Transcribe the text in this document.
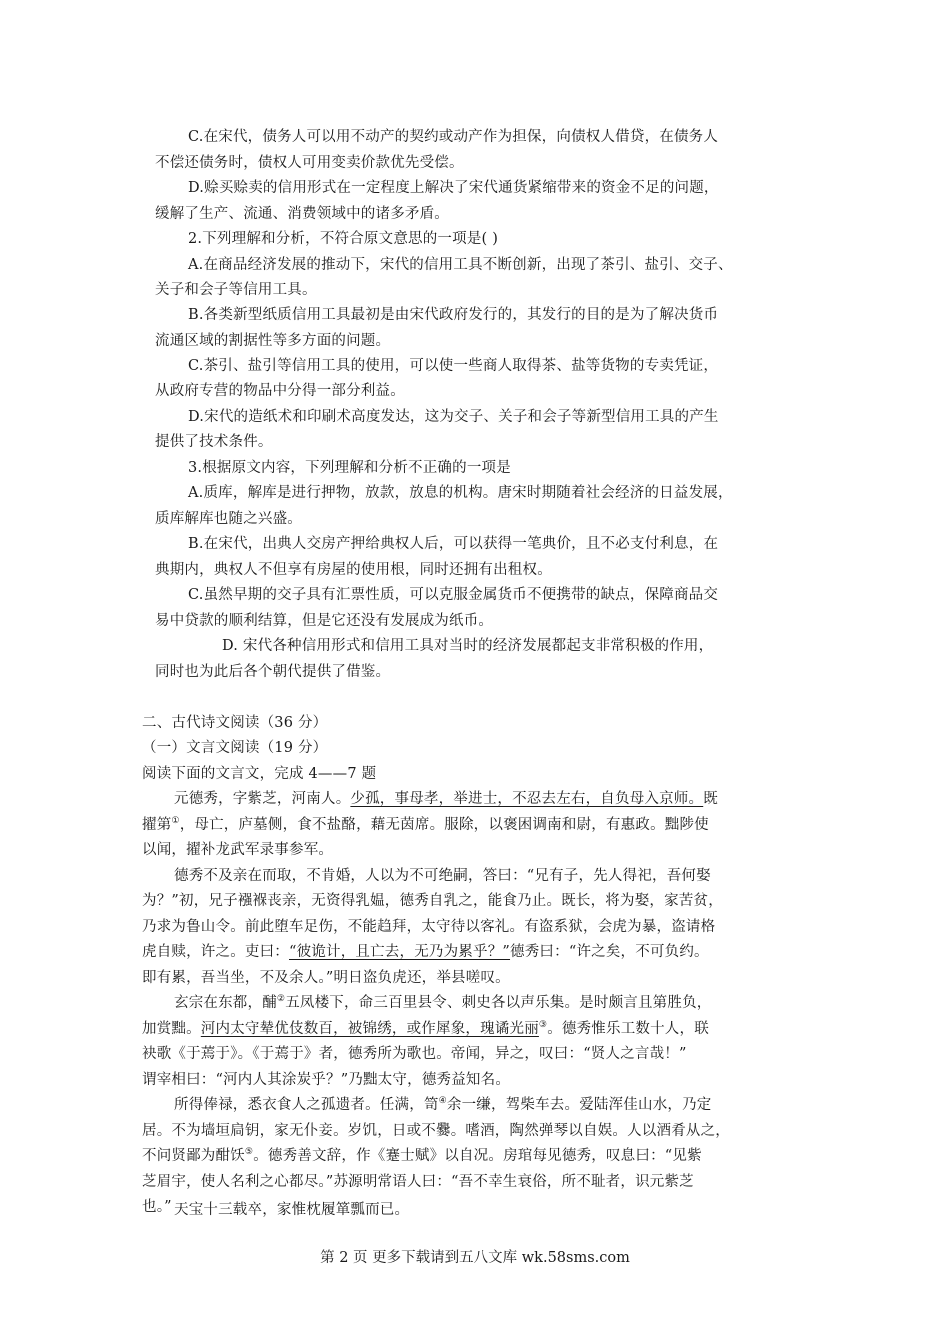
C.在宋代，债务人可以用不动产的契约或动产作为担保，向债权人借贷，在债务人
不偿还债务时，债权人可用变卖价款优先受偿。
D.赊买赊卖的信用形式在一定程度上解决了宋代通货紧缩带来的资金不足的问题，
缓解了生产、流通、消费领域中的诸多矛盾。
2.下列理解和分析，不符合原文意思的一项是( )
A.在商品经济发展的推动下，宋代的信用工具不断创新，出现了茶引、盐引、交子、
关子和会子等信用工具。
B.各类新型纸质信用工具最初是由宋代政府发行的，其发行的目的是为了解决货币
流通区域的割据性等多方面的问题。
C.茶引、盐引等信用工具的使用，可以使一些商人取得茶、盐等货物的专卖凭证，
从政府专营的物品中分得一部分利益。
D.宋代的造纸术和印刷术高度发达，这为交子、关子和会子等新型信用工具的产生
提供了技术条件。
3.根据原文内容，下列理解和分析不正确的一项是
A.质库，解库是进行押物，放款，放息的机构。唐宋时期随着社会经济的日益发展，
质库解库也随之兴盛。
B.在宋代，出典人交房产押给典权人后，可以获得一笔典价，且不必支付利息，在
典期内，典权人不但享有房屋的使用根，同时还拥有出租权。
C.虽然早期的交子具有汇票性质，可以克服金属货币不便携带的缺点，保障商品交
易中贷款的顺利结算，但是它还没有发展成为纸币。
D. 宋代各种信用形式和信用工具对当时的经济发展都起支非常积极的作用，
同时也为此后各个朝代提供了借鉴。
二、古代诗文阅读（36 分）
（一）文言文阅读（19 分）
阅读下面的文言文，完成 4——7 题
元德秀，字紫芝，河南人。少孤，事母孝，举进士，不忍去左右，自负母入京师。既
擢第①，母亡，庐墓侧，食不盐酪，藉无茵席。服除，以褒困调南和尉，有惠政。黜陟使
以闻，擢补龙武军录事参军。
德秀不及亲在而取，不肯婚，人以为不可绝嗣，答曰：“兄有子，先人得祀，吾何娶
为？”初，兄子襁褓丧亲，无资得乳媪，德秀自乳之，能食乃止。既长，将为娶，家苦贫，
乃求为鲁山令。前此堕车足伤，不能趋拜，太守待以客礼。有盗系狱，会虎为暴，盗请格
虎自赎，许之。吏曰：“彼诡计，且亡去，无乃为累乎？”德秀曰：“许之矣，不可负约。
即有累，吾当坐，不及余人。”明日盗负虎还，举县嗟叹。
玄宗在东都，酺②五凤楼下，命三百里县令、刺史各以声乐集。是时颇言且第胜负，
加赏黜。河内太守辇优伎数百，被锦绣，或作犀象，瑰谲光丽③。德秀惟乐工数十人，联
袂歌《于蔫于》。《于蔫于》者，德秀所为歌也。帝闻，异之，叹曰：“贤人之言哉！”
谓宰相曰：“河内人其涂炭乎？”乃黜太守，德秀益知名。
所得俸禄，悉衣食人之孤遗者。任满，笥④余一缣，驾柴车去。爱陆浑佳山水，乃定
居。不为墙垣扃钥，家无仆妾。岁饥，日或不爨。嗜酒，陶然弹琴以自娱。人以酒肴从之，
不问贤鄙为酣饫⑤。德秀善文辞，作《蹇士赋》以自况。房琯每见德秀，叹息曰：“见紫
芝眉宇，使人名利之心都尽。”苏源明常语人曰：“吾不幸生衰俗，所不耻者，识元紫芝
也。” 天宝十三载卒，家惟枕履箪瓢而已。
第 2 页 更多下载请到五八文库 wk.58sms.com
